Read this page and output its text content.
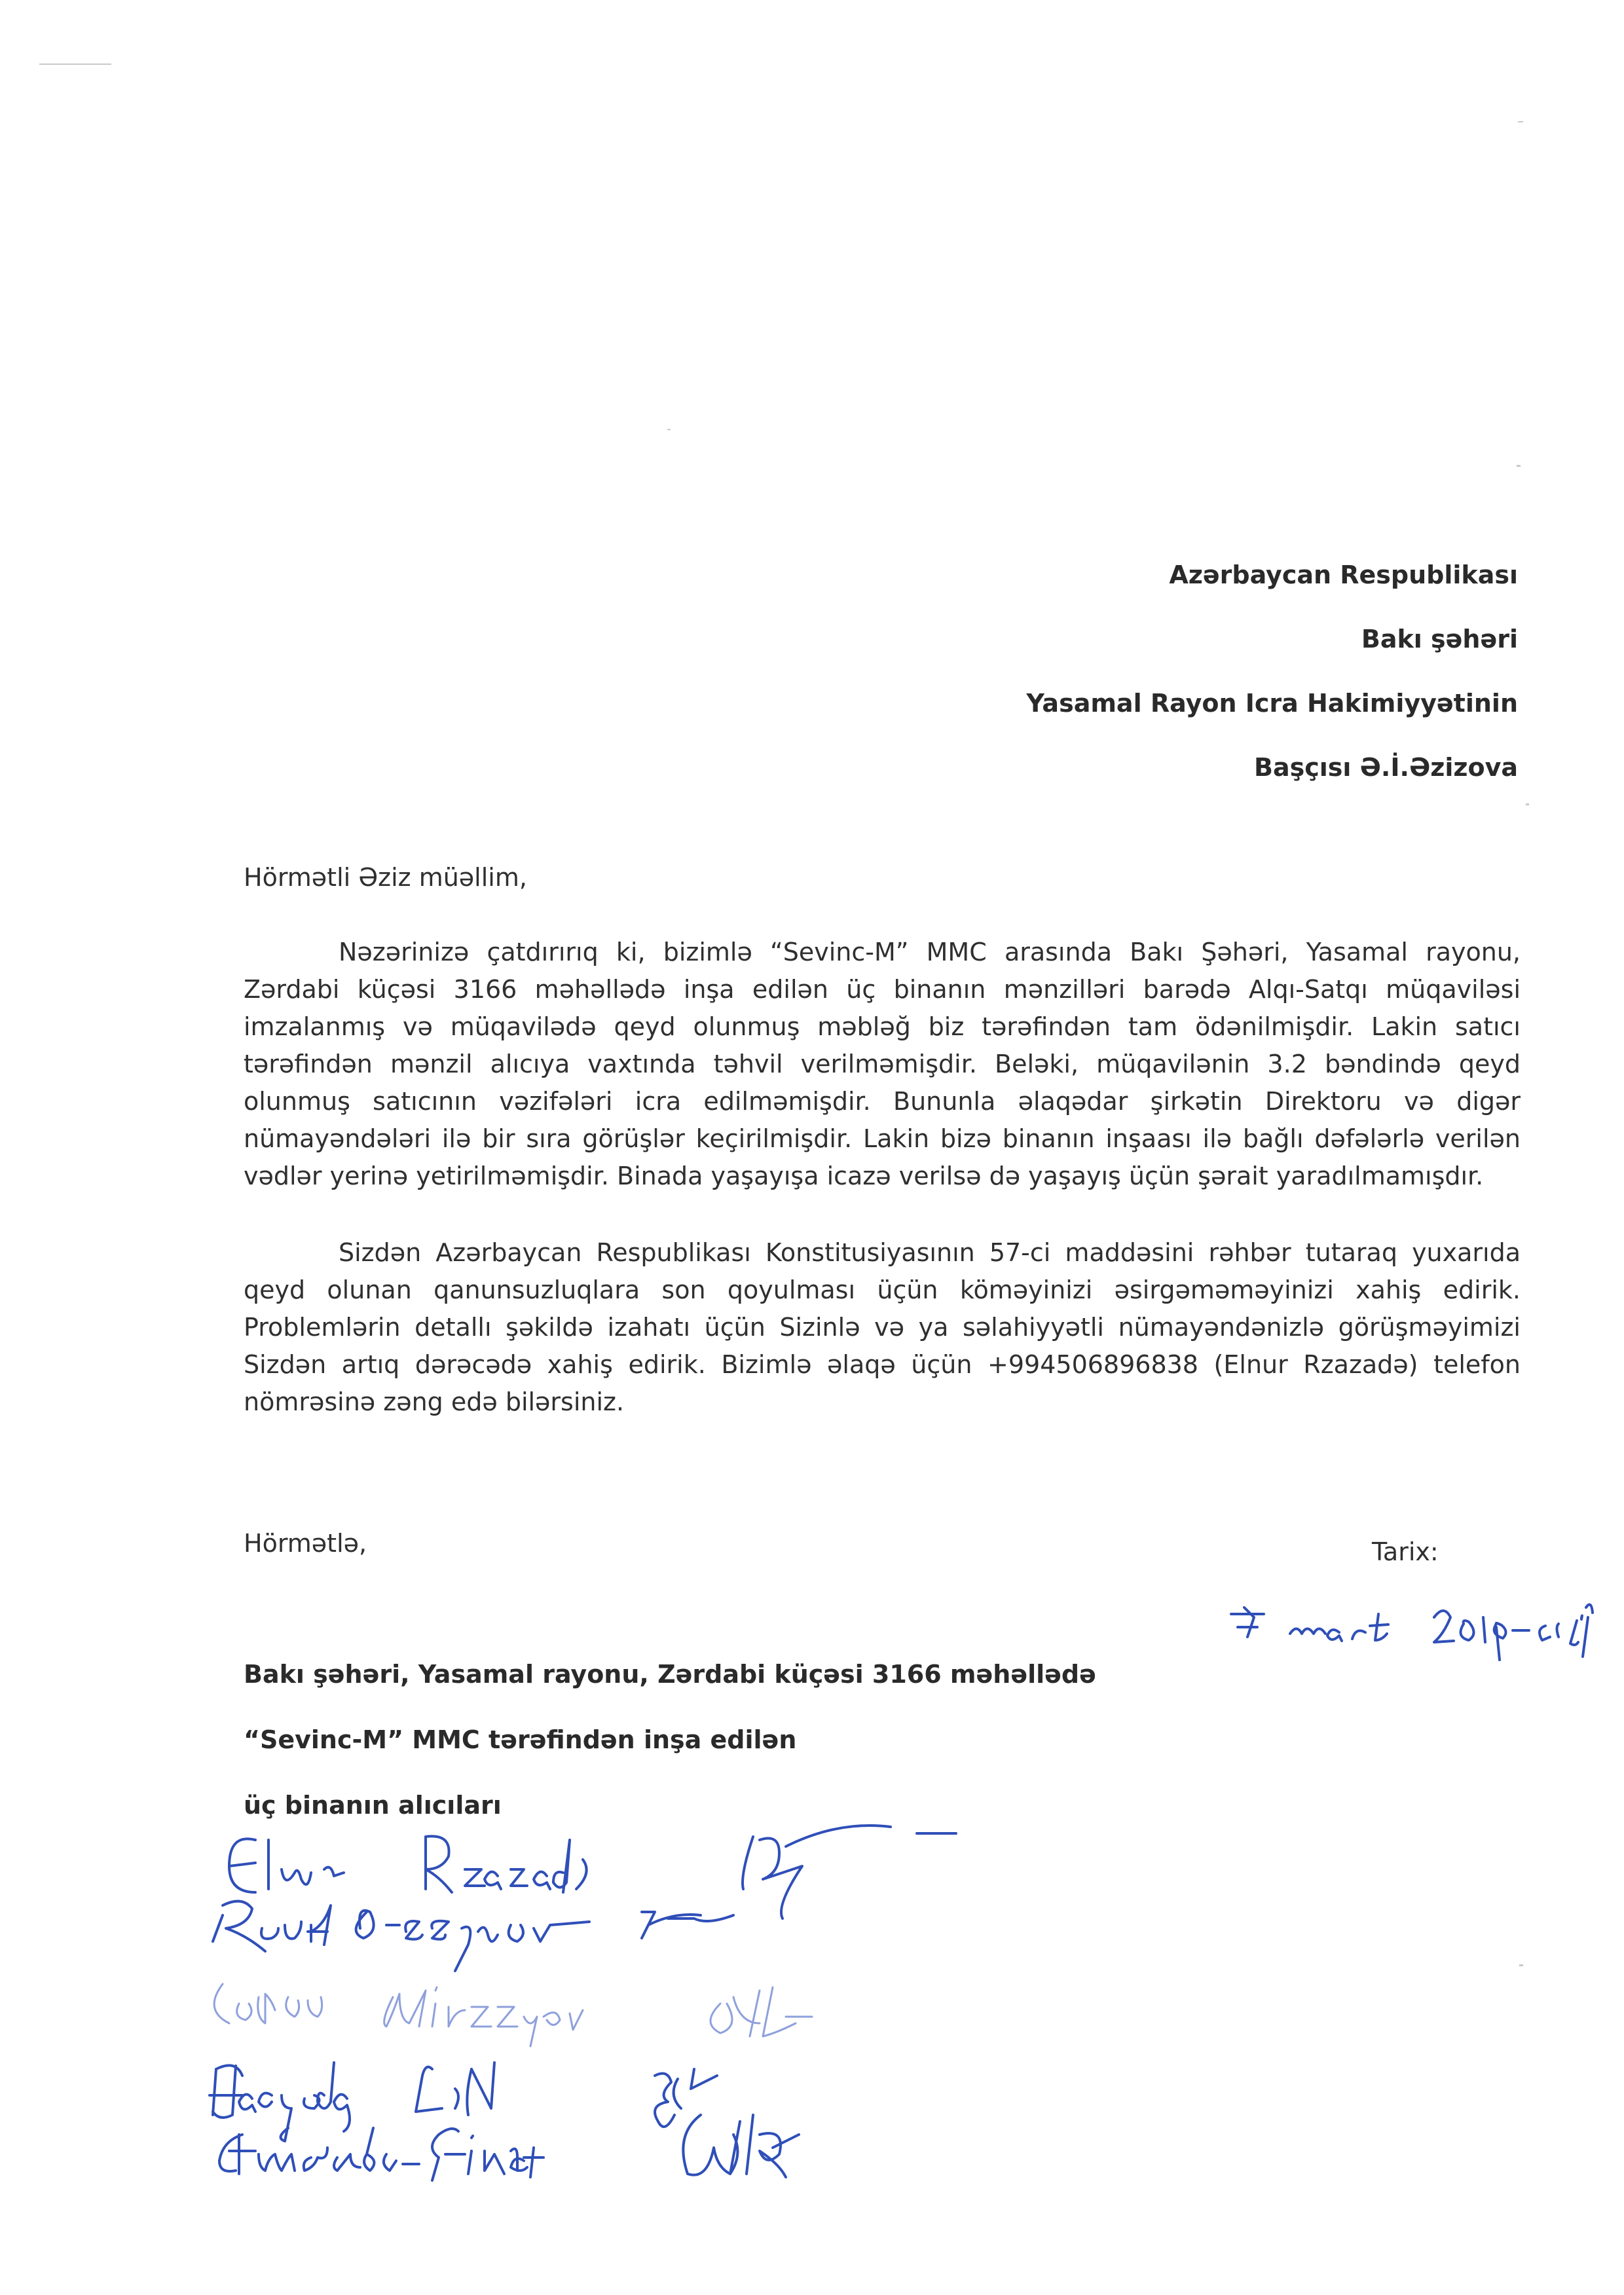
Azərbaycan Respublikası
Bakı şəhəri
Yasamal Rayon Icra Hakimiyyətinin
Başçısı Ə.İ.Əzizova
Hörmətli Əziz müəllim,

Nəzərinizə çatdırırıq ki, bizimlə “Sevinc-M” MMC arasında Bakı Şəhəri, Yasamal rayonu, Zərdabi küçəsi 3166 məhəllədə inşa edilən üç binanın mənzilləri barədə Alqı-Satqı müqaviləsi imzalanmış və müqavilədə qeyd olunmuş məbləğ biz tərəfindən tam ödənilmişdir. Lakin satıcı tərəfindən mənzil alıcıya vaxtında təhvil verilməmişdir. Beləki, müqavilənin 3.2 bəndində qeyd olunmuş satıcının vəzifələri icra edilməmişdir. Bununla əlaqədar şirkətin Direktoru və digər nümayəndələri ilə bir sıra görüşlər keçirilmişdir. Lakin bizə binanın inşaası ilə bağlı dəfələrlə verilən vədlər yerinə yetirilməmişdir. Binada yaşayışa icazə verilsə də yaşayış üçün şərait yaradılmamışdır.

Sizdən Azərbaycan Respublikası Konstitusiyasının 57-ci maddəsini rəhbər tutaraq yuxarıda qeyd olunan qanunsuzluqlara son qoyulması üçün köməyinizi əsirgəməməyinizi xahiş edirik. Problemlərin detallı şəkildə izahatı üçün Sizinlə və ya səlahiyyətli nümayəndənizlə görüşməyimizi Sizdən artıq dərəcədə xahiş edirik. Bizimlə əlaqə üçün +994506896838 (Elnur Rzazadə) telefon nömrəsinə zəng edə bilərsiniz.

Hörmətlə,	Tarix:
Bakı şəhəri, Yasamal rayonu, Zərdabi küçəsi 3166 məhəllədə
“Sevinc-M” MMC tərəfindən inşa edilən
üç binanın alıcıları
